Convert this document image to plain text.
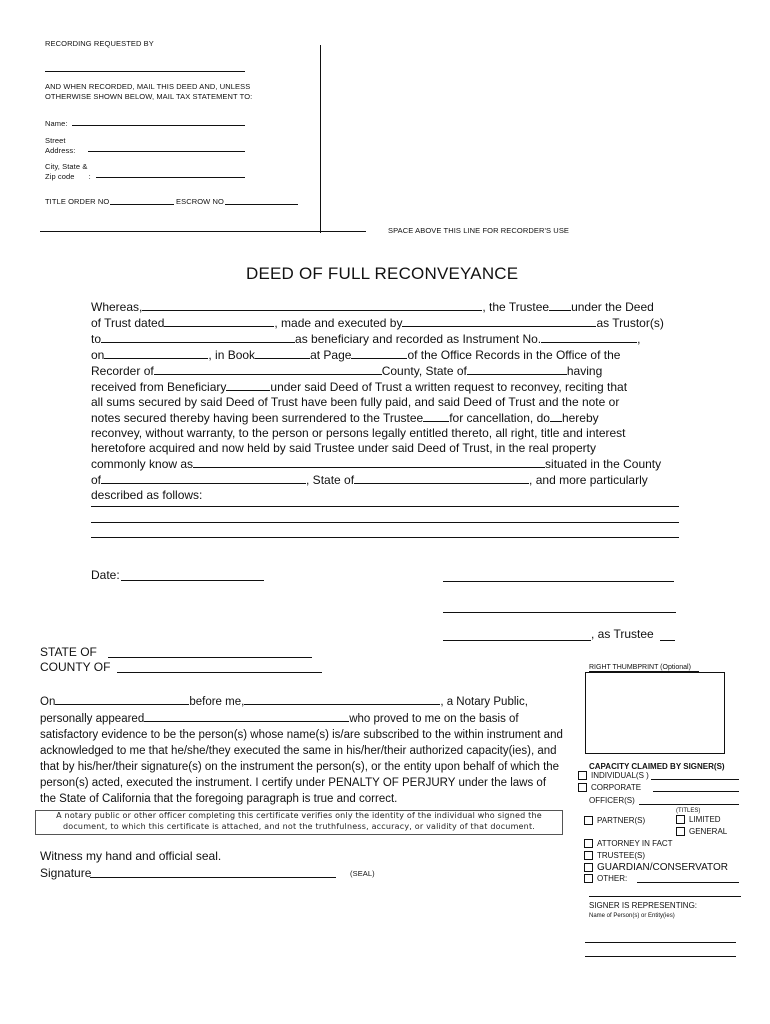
RECORDING REQUESTED BY
AND WHEN RECORDED, MAIL THIS DEED AND, UNLESS
OTHERWISE SHOWN BELOW, MAIL TAX STATEMENT TO:
Name:
Street
Address:
City, State &
Zip code :
TITLE ORDER NO	ESCROW NO
SPACE ABOVE THIS LINE FOR RECORDER'S USE
DEED OF FULL RECONVEYANCE
Whereas,	, the Trustee under the Deed
of Trust dated	, made and executed by	as Trustor(s)
to	as beneficiary and recorded as Instrument No.	,
on	, in Book	at Page	of the Office Records in the Office of the
Recorder of	County, State of	having
received from Beneficiary	under said Deed of Trust a written request to reconvey, reciting that
all sums secured by said Deed of Trust have been fully paid, and said Deed of Trust and the note or
notes secured thereby having been surrendered to the Trustee for cancellation, do hereby
reconvey, without warranty, to the person or persons legally entitled thereto, all right, title and interest
heretofore acquired and now held by said Trustee under said Deed of Trust, in the real property
commonly know as	situated in the County
of	, State of	, and more particularly
described as follows:
Date:
, as Trustee
STATE OF
COUNTY OF
On	before me,	, a Notary Public,
personally appeared	who proved to me on the basis of
satisfactory evidence to be the person(s) whose name(s) is/are subscribed to the within instrument and
acknowledged to me that he/she/they executed the same in his/her/their authorized capacity(ies), and
that by his/her/their signature(s) on the instrument the person(s), or the entity upon behalf of which the
person(s) acted, executed the instrument. I certify under PENALTY OF PERJURY under the laws of
the State of California that the foregoing paragraph is true and correct.
A notary public or other officer completing this certificate verifies only the identity of the individual who signed the
document, to which this certificate is attached, and not the truthfulness, accuracy, or validity of that document.
Witness my hand and official seal.
Signature	(SEAL)
RIGHT THUMBPRINT (Optional)
CAPACITY CLAIMED BY SIGNER(S)
INDIVIDUAL(S )
CORPORATE
OFFICER(S)
(TITLES)
PARTNER(S)	LIMITED
GENERAL
ATTORNEY IN FACT
TRUSTEE(S)
GUARDIAN/CONSERVATOR
OTHER:
SIGNER IS REPRESENTING:
Name of Person(s) or Entity(ies)
